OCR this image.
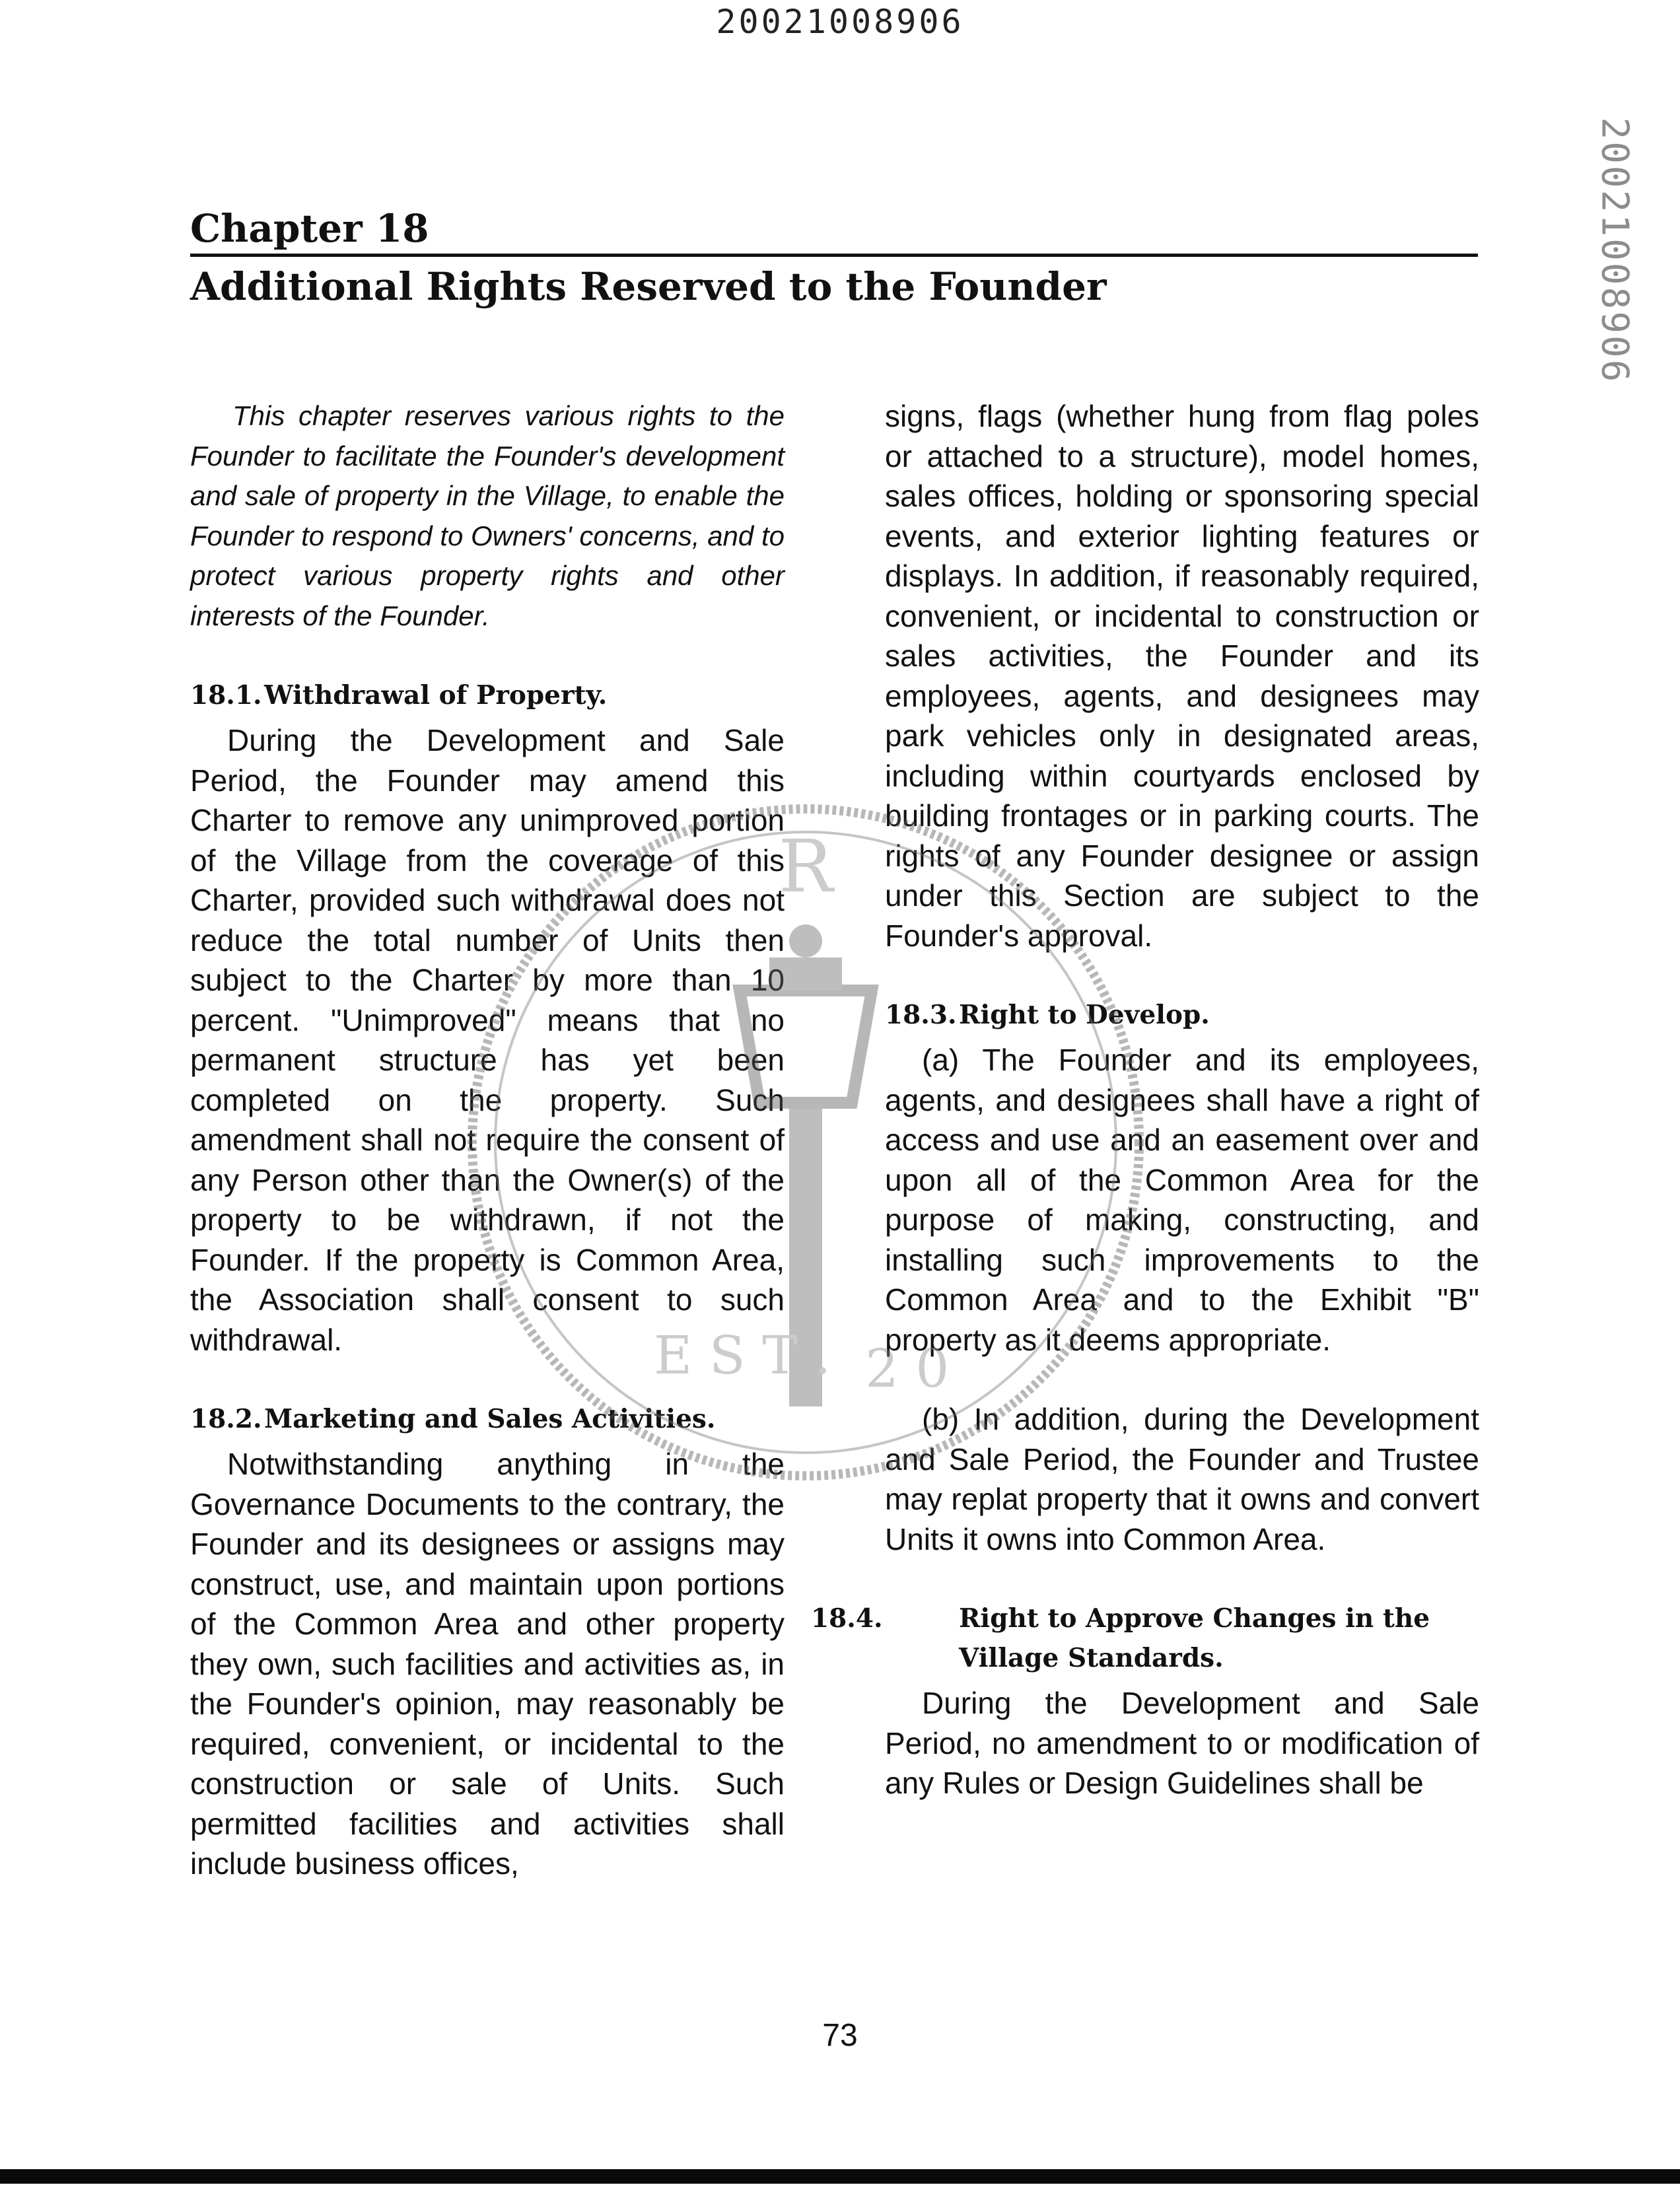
20021008906
20021008906
Chapter 18
Additional Rights Reserved to the Founder

This chapter reserves various rights to the Founder to facilitate the Founder's development and sale of property in the Village, to enable the Founder to respond to Owners' concerns, and to protect various property rights and other interests of the Founder.

18.1.Withdrawal of Property.

During the Development and Sale Period, the Founder may amend this Charter to remove any unimproved portion of the Village from the coverage of this Charter, provided such withdrawal does not reduce the total number of Units then subject to the Charter by more than 10 percent. "Unimproved" means that no permanent structure has yet been completed on the property. Such amendment shall not require the consent of any Person other than the Owner(s) of the property to be withdrawn, if not the Founder. If the property is Common Area, the Association shall consent to such withdrawal.

18.2.Marketing and Sales Activities.

Notwithstanding anything in the Governance Documents to the contrary, the Founder and its designees or assigns may construct, use, and maintain upon portions of the Common Area and other property they own, such facilities and activities as, in the Founder's opinion, may reasonably be required, convenient, or incidental to the construction or sale of Units. Such permitted facilities and activities shall include business offices,

signs, flags (whether hung from flag poles or attached to a structure), model homes, sales offices, holding or sponsoring special events, and exterior lighting features or displays. In addition, if reasonably required, convenient, or incidental to construction or sales activities, the Founder and its employees, agents, and designees may park vehicles only in designated areas, including within courtyards enclosed by building frontages or in parking courts. The rights of any Founder designee or assign under this Section are subject to the Founder's approval.

18.3.Right to Develop.

(a) The Founder and its employees, agents, and designees shall have a right of access and use and an easement over and upon all of the Common Area for the purpose of making, constructing, and installing such improvements to the Common Area and to the Exhibit "B" property as it deems appropriate.

(b) In addition, during the Development and Sale Period, the Founder and Trustee may replat property that it owns and convert Units it owns into Common Area.

18.4.	Right to Approve Changes in the Village Standards.

During the Development and Sale Period, no amendment to or modification of any Rules or Design Guidelines shall be

R
E S T . 2 0
73
